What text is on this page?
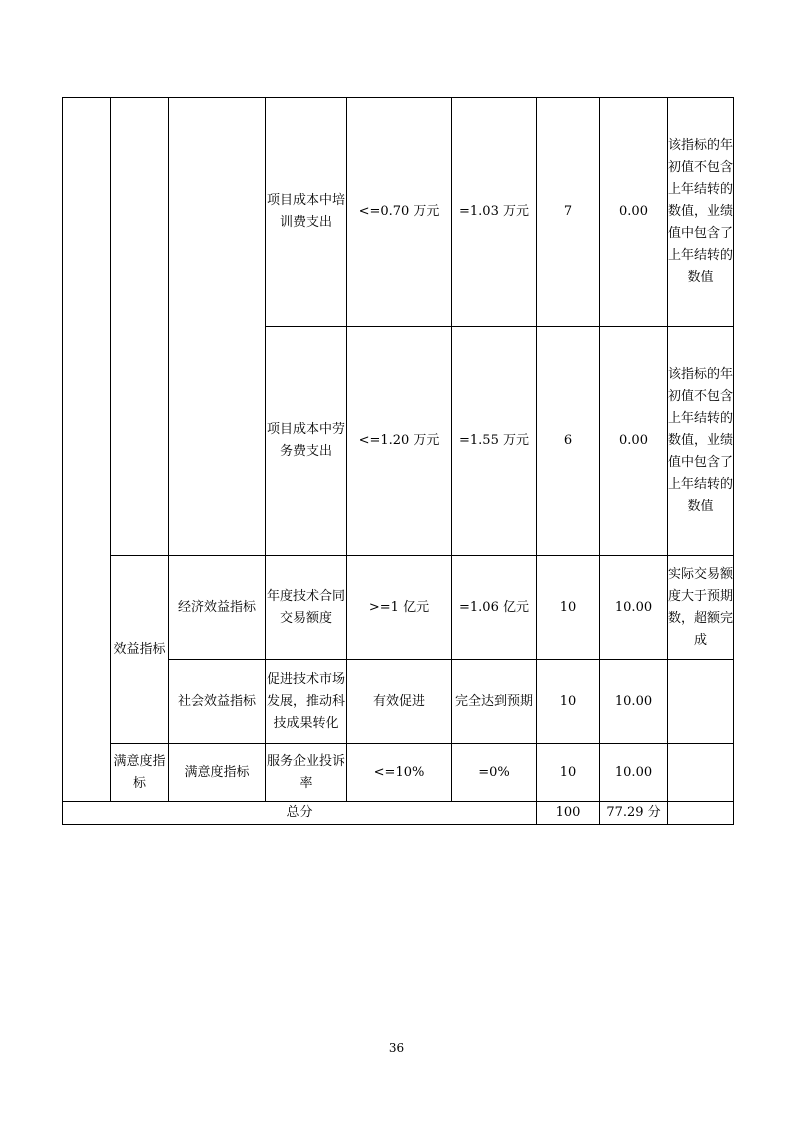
			项目成本中培训费支出	<=0.70 万元	=1.03 万元	7	0.00	该指标的年初值不包含上年结转的数值，业绩值中包含了上年结转的数值
			项目成本中劳务费支出	<=1.20 万元	=1.55 万元	6	0.00	该指标的年初值不包含上年结转的数值，业绩值中包含了上年结转的数值
	效益指标	经济效益指标	年度技术合同交易额度	>=1 亿元	=1.06 亿元	10	10.00	实际交易额度大于预期数，超额完成
		社会效益指标	促进技术市场发展，推动科技成果转化	有效促进	完全达到预期	10	10.00	
	满意度指标	满意度指标	服务企业投诉率	<=10%	=0%	10	10.00	
总分						100	77.29 分	
36
